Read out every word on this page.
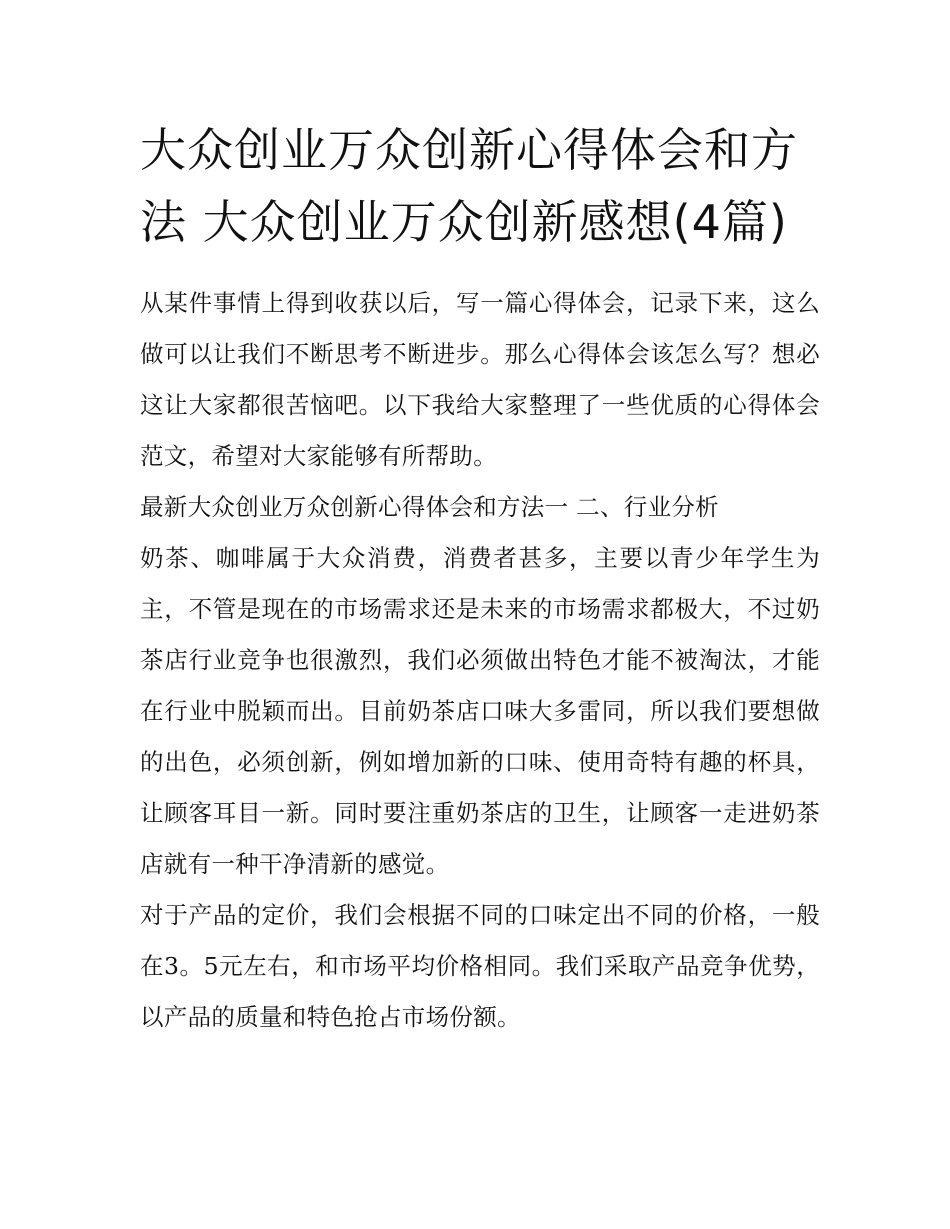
大众创业万众创新心得体会和方法 大众创业万众创新感想(4篇)

从某件事情上得到收获以后，写一篇心得体会，记录下来，这么做可以让我们不断思考不断进步。那么心得体会该怎么写？想必这让大家都很苦恼吧。以下我给大家整理了一些优质的心得体会范文，希望对大家能够有所帮助。

最新大众创业万众创新心得体会和方法一 二、行业分析

奶茶、咖啡属于大众消费，消费者甚多，主要以青少年学生为主，不管是现在的市场需求还是未来的市场需求都极大，不过奶茶店行业竞争也很激烈，我们必须做出特色才能不被淘汰，才能在行业中脱颖而出。目前奶茶店口味大多雷同，所以我们要想做的出色，必须创新，例如增加新的口味、使用奇特有趣的杯具，让顾客耳目一新。同时要注重奶茶店的卫生，让顾客一走进奶茶店就有一种干净清新的感觉。

对于产品的定价，我们会根据不同的口味定出不同的价格，一般在3。5元左右，和市场平均价格相同。我们采取产品竞争优势，以产品的质量和特色抢占市场份额。
